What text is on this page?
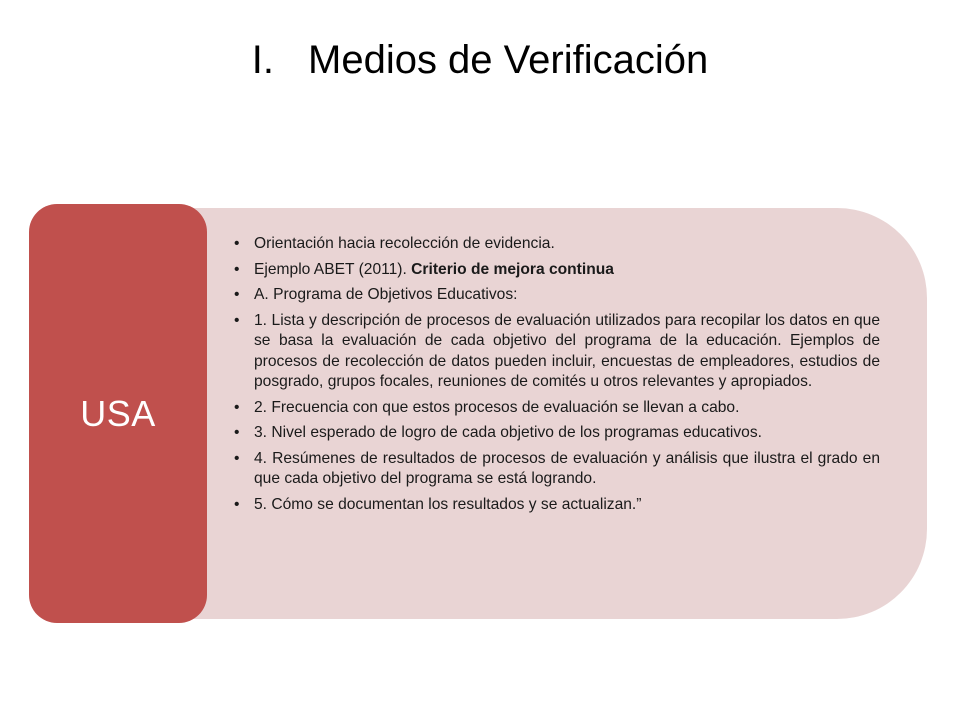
I. Medios de Verificación
USA
• Orientación hacia recolección de evidencia.
• Ejemplo ABET (2011). Criterio de mejora continua
• A. Programa de Objetivos Educativos:
• 1. Lista y descripción de procesos de evaluación utilizados para recopilar los datos en que se basa la evaluación de cada objetivo del programa de la educación. Ejemplos de procesos de recolección de datos pueden incluir, encuestas de empleadores, estudios de posgrado, grupos focales, reuniones de comités u otros relevantes y apropiados.
• 2. Frecuencia con que estos procesos de evaluación se llevan a cabo.
• 3. Nivel esperado de logro de cada objetivo de los programas educativos.
• 4. Resúmenes de resultados de procesos de evaluación y análisis que ilustra el grado en que cada objetivo del programa se está logrando.
• 5. Cómo se documentan los resultados y se actualizan.”
